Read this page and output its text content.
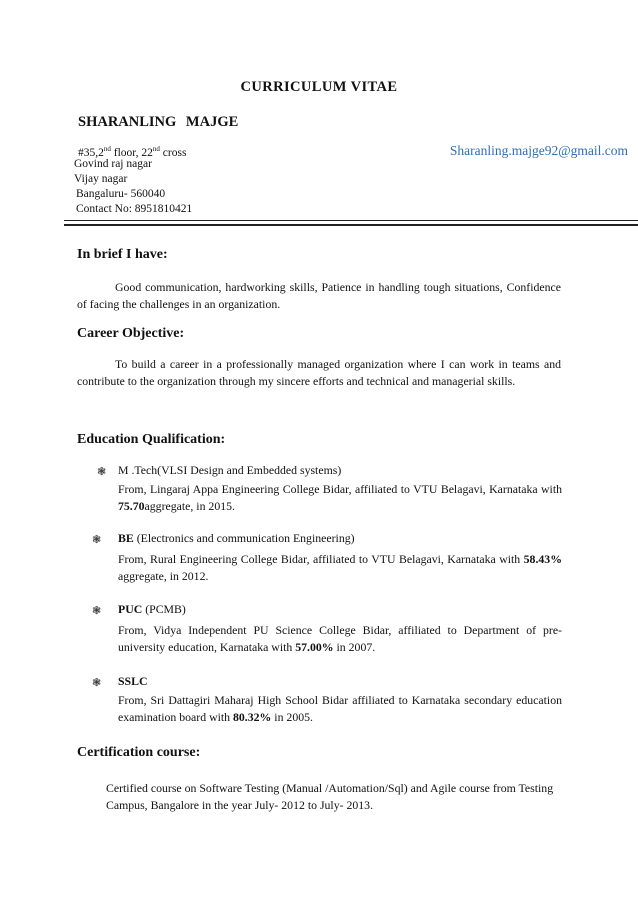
CURRICULUM VITAE
SHARANLING MAJGE
#35,2nd floor, 22nd cross
Govind raj nagar
Vijay nagar
Bangaluru- 560040
Contact No: 8951810421
Sharanling.majge92@gmail.com
In brief I have:
Good communication, hardworking skills, Patience in handling tough situations, Confidence of facing the challenges in an organization.
Career Objective:
To build a career in a professionally managed organization where I can work in teams and contribute to the organization through my sincere efforts and technical and managerial skills.
Education Qualification:
❃ M .Tech(VLSI Design and Embedded systems)
From, Lingaraj Appa Engineering College Bidar, affiliated to VTU Belagavi, Karnataka with 75.70aggregate, in 2015.
❃ BE (Electronics and communication Engineering)
From, Rural Engineering College Bidar, affiliated to VTU Belagavi, Karnataka with 58.43% aggregate, in 2012.
❃ PUC (PCMB)
From, Vidya Independent PU Science College Bidar, affiliated to Department of pre-university education, Karnataka with 57.00% in 2007.
❃ SSLC
From, Sri Dattagiri Maharaj High School Bidar affiliated to Karnataka secondary education examination board with 80.32% in 2005.
Certification course:
Certified course on Software Testing (Manual /Automation/Sql) and Agile course from Testing Campus, Bangalore in the year July- 2012 to July- 2013.
